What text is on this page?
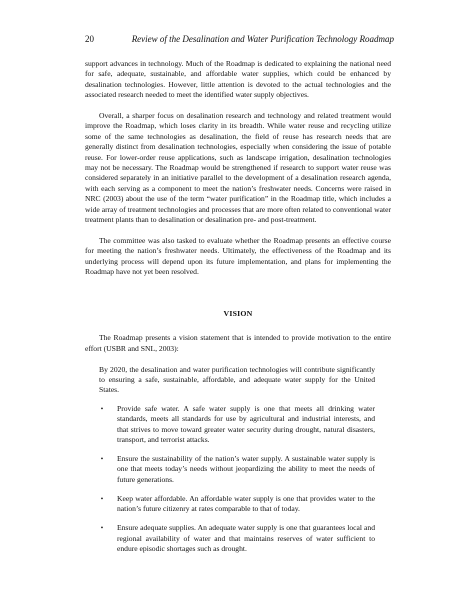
20	Review of the Desalination and Water Purification Technology Roadmap

support advances in technology. Much of the Roadmap is dedicated to explaining the national need for safe, adequate, sustainable, and affordable water supplies, which could be enhanced by desalination technologies. However, little attention is devoted to the actual technologies and the associated research needed to meet the identified water supply objectives.

Overall, a sharper focus on desalination research and technology and related treatment would improve the Roadmap, which loses clarity in its breadth. While water reuse and recycling utilize some of the same technologies as desalination, the field of reuse has research needs that are generally distinct from desalination technologies, especially when considering the issue of potable reuse. For lower-order reuse applications, such as landscape irrigation, desalination technologies may not be necessary. The Roadmap would be strengthened if research to support water reuse was considered separately in an initiative parallel to the development of a desalination research agenda, with each serving as a component to meet the nation’s freshwater needs. Concerns were raised in NRC (2003) about the use of the term “water purification” in the Roadmap title, which includes a wide array of treatment technologies and processes that are more often related to conventional water treatment plants than to desalination or desalination pre- and post-treatment.

The committee was also tasked to evaluate whether the Roadmap presents an effective course for meeting the nation’s freshwater needs. Ultimately, the effectiveness of the Roadmap and its underlying process will depend upon its future implementation, and plans for implementing the Roadmap have not yet been resolved.

VISION

The Roadmap presents a vision statement that is intended to provide motivation to the entire effort (USBR and SNL, 2003):

By 2020, the desalination and water purification technologies will contribute significantly to ensuring a safe, sustainable, affordable, and adequate water supply for the United States.

• Provide safe water. A safe water supply is one that meets all drinking water standards, meets all standards for use by agricultural and industrial interests, and that strives to move toward greater water security during drought, natural disasters, transport, and terrorist attacks.
• Ensure the sustainability of the nation’s water supply. A sustainable water supply is one that meets today’s needs without jeopardizing the ability to meet the needs of future generations.
• Keep water affordable. An affordable water supply is one that provides water to the nation’s future citizenry at rates comparable to that of today.
• Ensure adequate supplies. An adequate water supply is one that guarantees local and regional availability of water and that maintains reserves of water sufficient to endure episodic shortages such as drought.
